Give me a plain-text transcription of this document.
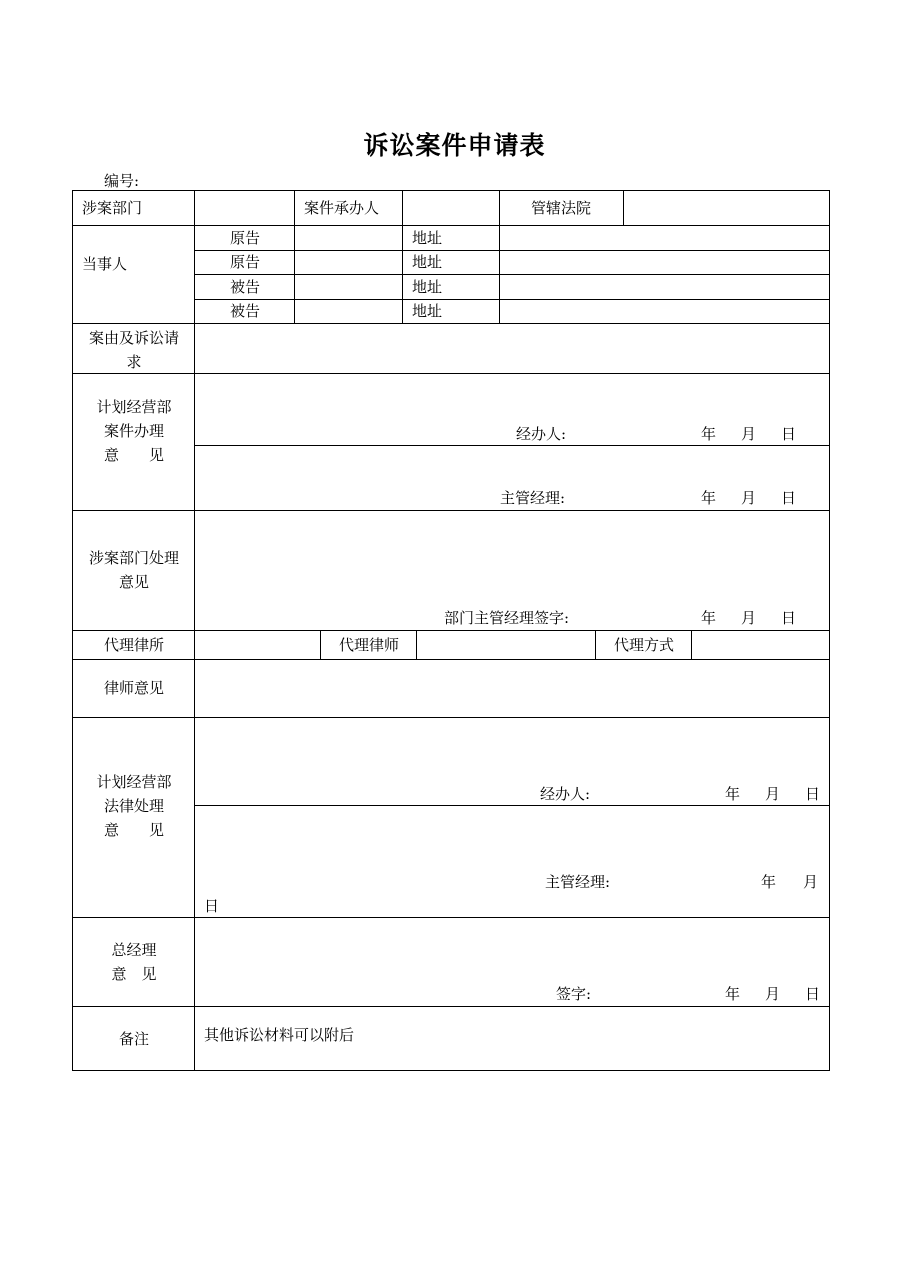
诉讼案件申请表
编号:
涉案部门	案件承办人	管辖法院
当事人
原告	地址
原告	地址
被告	地址
被告	地址
案由及诉讼请
求
计划经营部
案件办理
意　　见
经办人:	年 月 日
主管经理:	年 月 日
涉案部门处理
意见
部门主管经理签字:	年 月 日
代理律所	代理律师	代理方式
律师意见
计划经营部
法律处理
意　　见
经办人:	年 月 日
主管经理:	年 月
日
总经理
意　见
签字:	年 月 日
备注	其他诉讼材料可以附后
